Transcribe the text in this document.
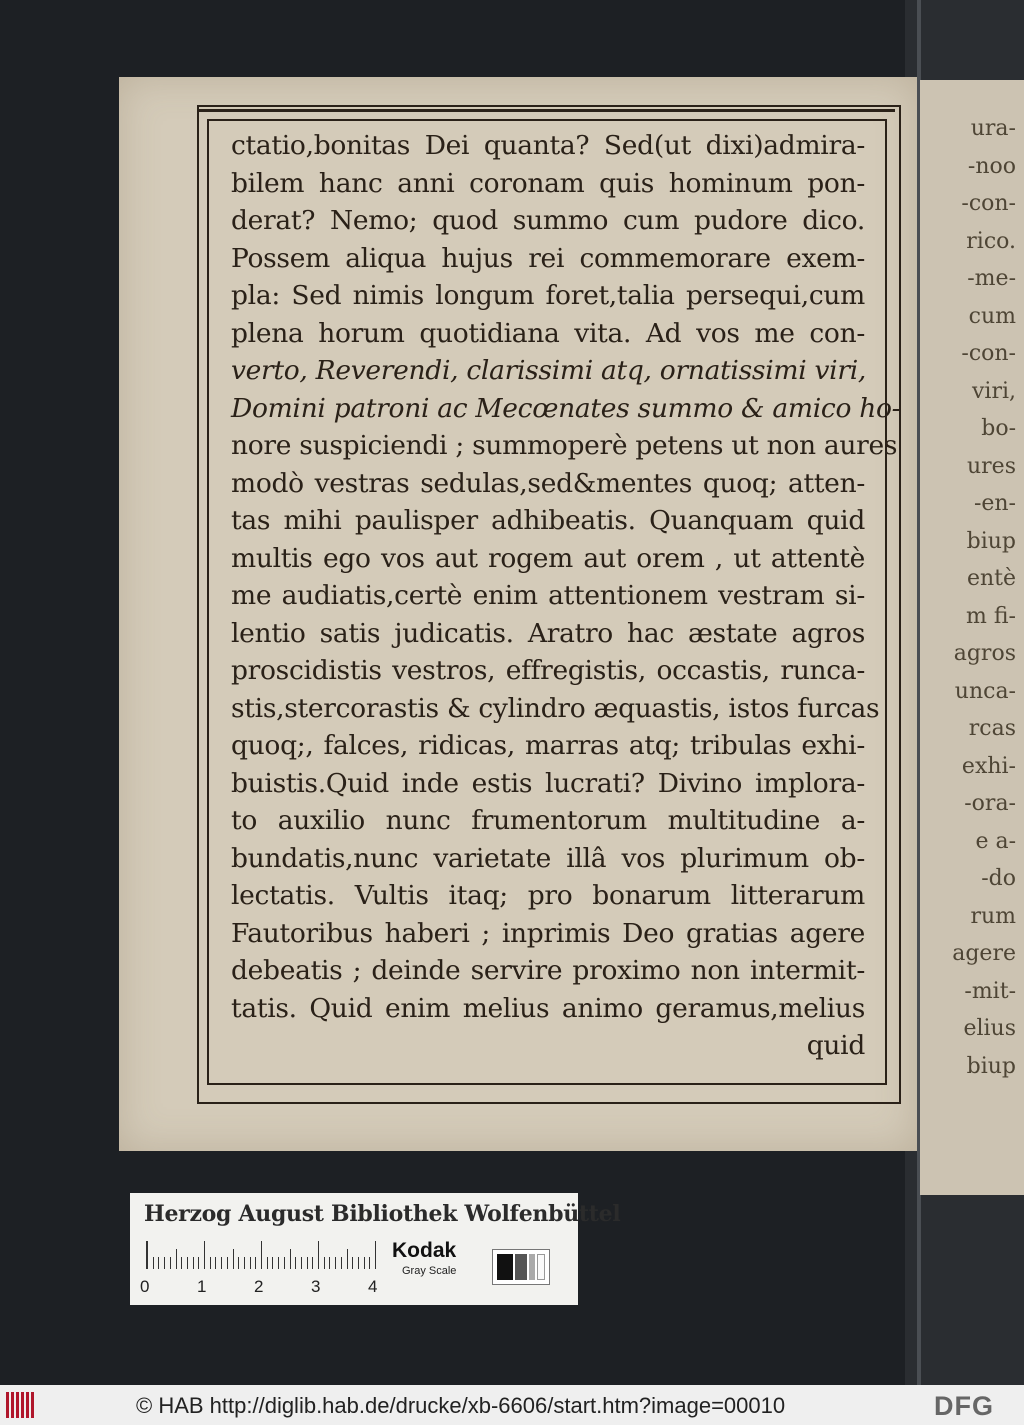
ura-
-noo
-con-
rico.
-me-
cum
-con-
viri,
bo-
ures
-en-
biup
entè
m fi-
agros
unca-
rcas
exhi-
-ora-
e a-
-do
rum
agere
-mit-
elius
biup
ctatio,bonitas Dei quanta? Sed(ut dixi)admira-
bilem hanc anni coronam quis hominum pon-
derat? Nemo; quod summo cum pudore dico.
Possem aliqua hujus rei commemorare exem-
pla: Sed nimis longum foret,talia persequi,cum
plena horum quotidiana vita. Ad vos me con-
verto, Reverendi, clarissimi atq, ornatissimi viri,
Domini patroni ac Mecœnates summo & amico ho-
nore suspiciendi ; summoperè petens ut non aures
modò vestras sedulas,sed&mentes quoq; atten-
tas mihi paulisper adhibeatis. Quanquam quid
multis ego vos aut rogem aut orem , ut attentè
me audiatis,certè enim attentionem vestram si-
lentio satis judicatis. Aratro hac æstate agros
proscidistis vestros, effregistis, occastis, runca-
stis,stercorastis & cylindro æquastis, istos furcas
quoq;, falces, ridicas, marras atq; tribulas exhi-
buistis.Quid inde estis lucrati? Divino implora-
to auxilio nunc frumentorum multitudine a-
bundatis,nunc varietate illâ vos plurimum ob-
lectatis. Vultis itaq; pro bonarum litterarum
Fautoribus haberi ; inprimis Deo gratias agere
debeatis ; deinde servire proximo non intermit-
tatis. Quid enim melius animo geramus,melius
quid
Herzog August Bibliothek Wolfenbüttel
0	1	2	3	4
Kodak
Gray Scale
© HAB http://diglib.hab.de/drucke/xb-6606/start.htm?image=00010	DFG
